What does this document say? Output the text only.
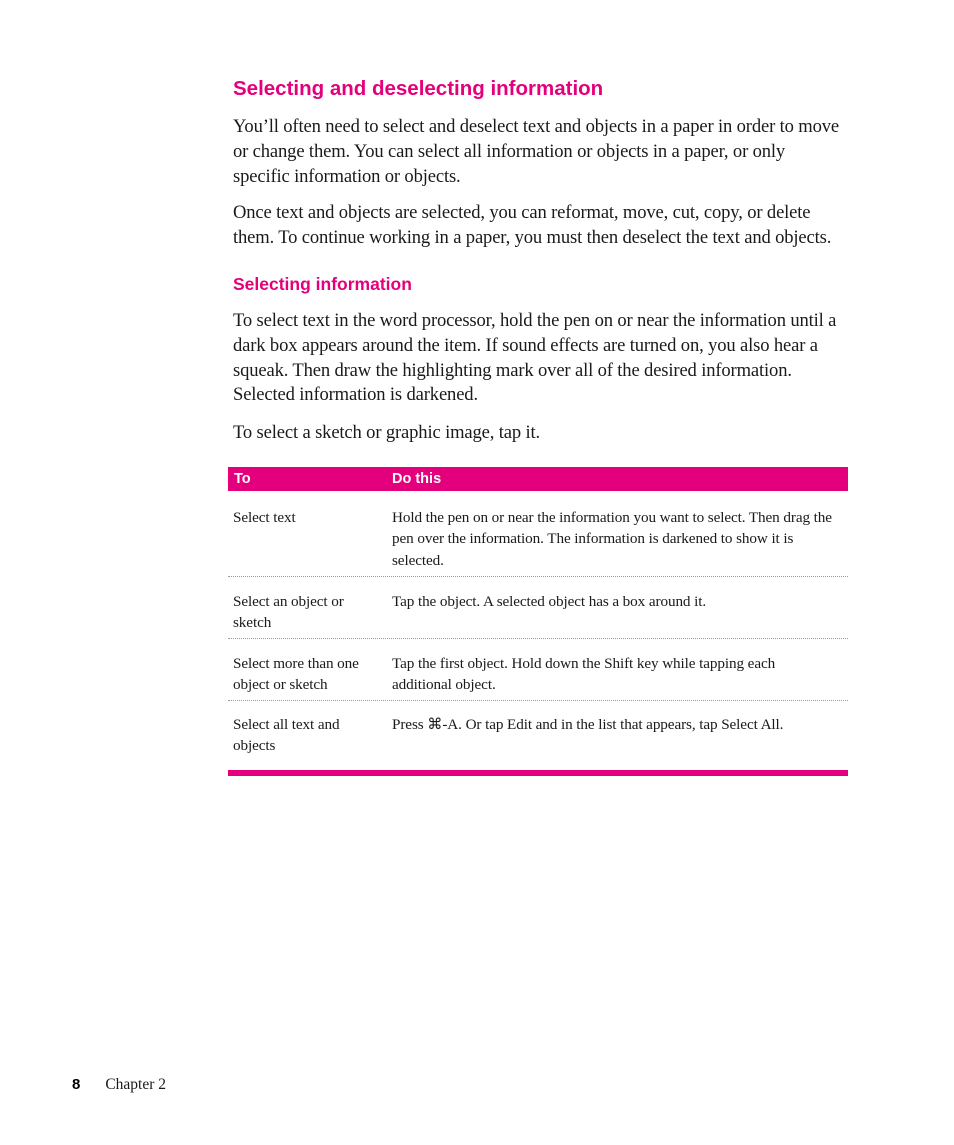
Selecting and deselecting information

You’ll often need to select and deselect text and objects in a paper in order to move or change them. You can select all information or objects in a paper, or only specific information or objects.

Once text and objects are selected, you can reformat, move, cut, copy, or delete them. To continue working in a paper, you must then deselect the text and objects.

Selecting information

To select text in the word processor, hold the pen on or near the information until a dark box appears around the item. If sound effects are turned on, you also hear a squeak. Then draw the highlighting mark over all of the desired information. Selected information is darkened.

To select a sketch or graphic image, tap it.

To	Do this
Select text	Hold the pen on or near the information you want to select. Then drag the pen over the information. The information is darkened to show it is selected.
Select an object or sketch
Tap the object. A selected object has a box around it.
Select more than one object or sketch
Tap the first object. Hold down the Shift key while tapping each additional object.
Select all text and objects
Press ⌘-A. Or tap Edit and in the list that appears, tap Select All.
8 Chapter 2
